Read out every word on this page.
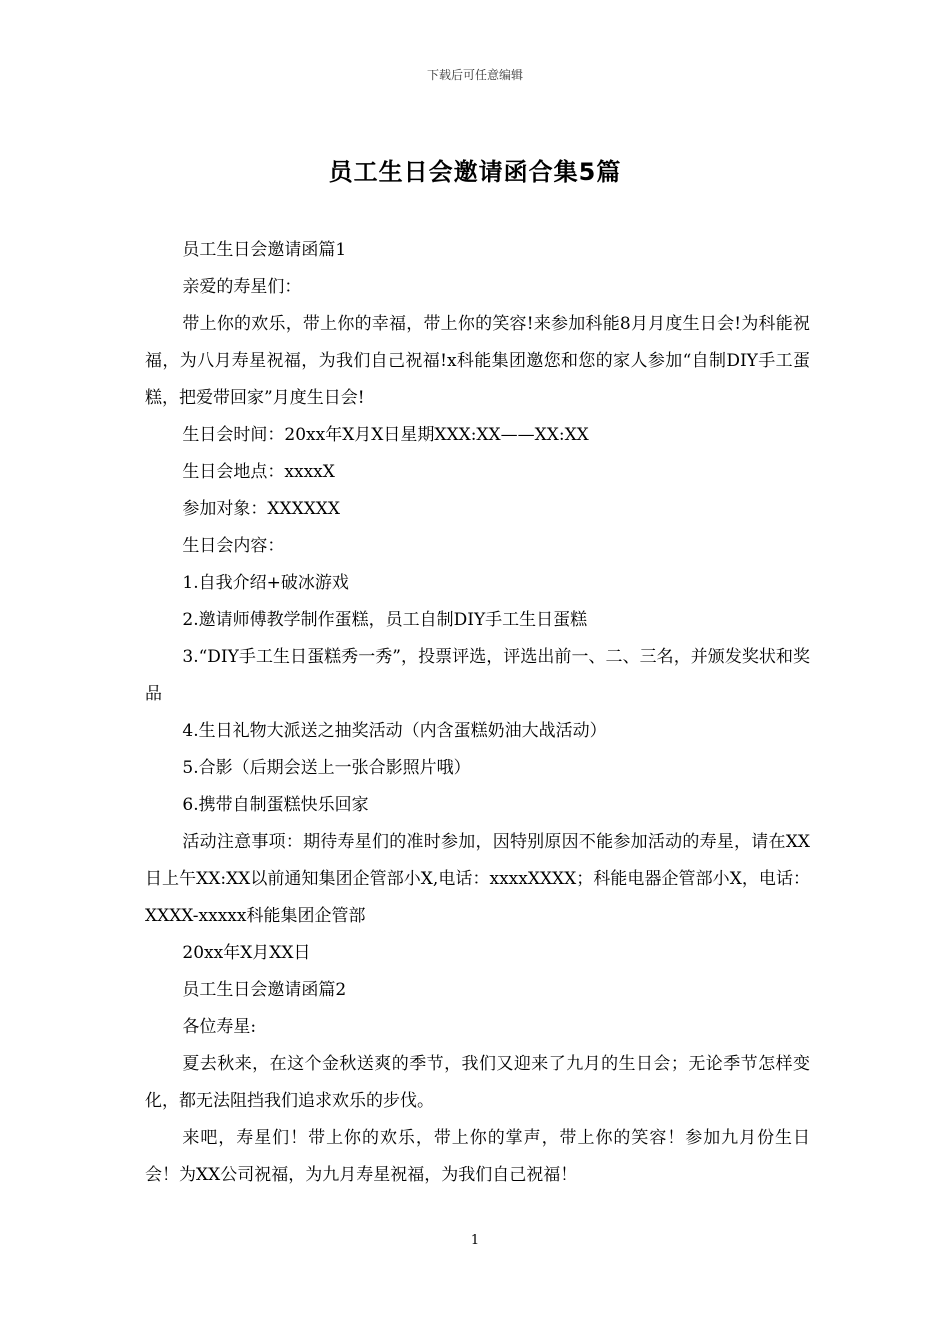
下载后可任意编辑
员工生日会邀请函合集5篇

员工生日会邀请函篇1

亲爱的寿星们：

带上你的欢乐，带上你的幸福，带上你的笑容!来参加科能8月月度生日会!为科能祝福，为八月寿星祝福，为我们自己祝福!x科能集团邀您和您的家人参加“自制DIY手工蛋糕，把爱带回家”月度生日会!

生日会时间：20xx年X月X日星期XXX:XX——XX:XX

生日会地点：xxxxX

参加对象：XXXXXX

生日会内容：

1.自我介绍+破冰游戏

2.邀请师傅教学制作蛋糕，员工自制DIY手工生日蛋糕

3.“DIY手工生日蛋糕秀一秀”，投票评选，评选出前一、二、三名，并颁发奖状和奖品

4.生日礼物大派送之抽奖活动（内含蛋糕奶油大战活动）

5.合影（后期会送上一张合影照片哦）

6.携带自制蛋糕快乐回家

活动注意事项：期待寿星们的准时参加，因特别原因不能参加活动的寿星，请在XX日上午XX:XX以前通知集团企管部小X,电话：xxxxXXXX；科能电器企管部小X，电话：XXXX-xxxxx科能集团企管部

20xx年X月XX日

员工生日会邀请函篇2

各位寿星:

夏去秋来，在这个金秋送爽的季节，我们又迎来了九月的生日会；无论季节怎样变化，都无法阻挡我们追求欢乐的步伐。

来吧，寿星们！带上你的欢乐，带上你的掌声，带上你的笑容！参加九月份生日会！为XX公司祝福，为九月寿星祝福，为我们自己祝福！

1
